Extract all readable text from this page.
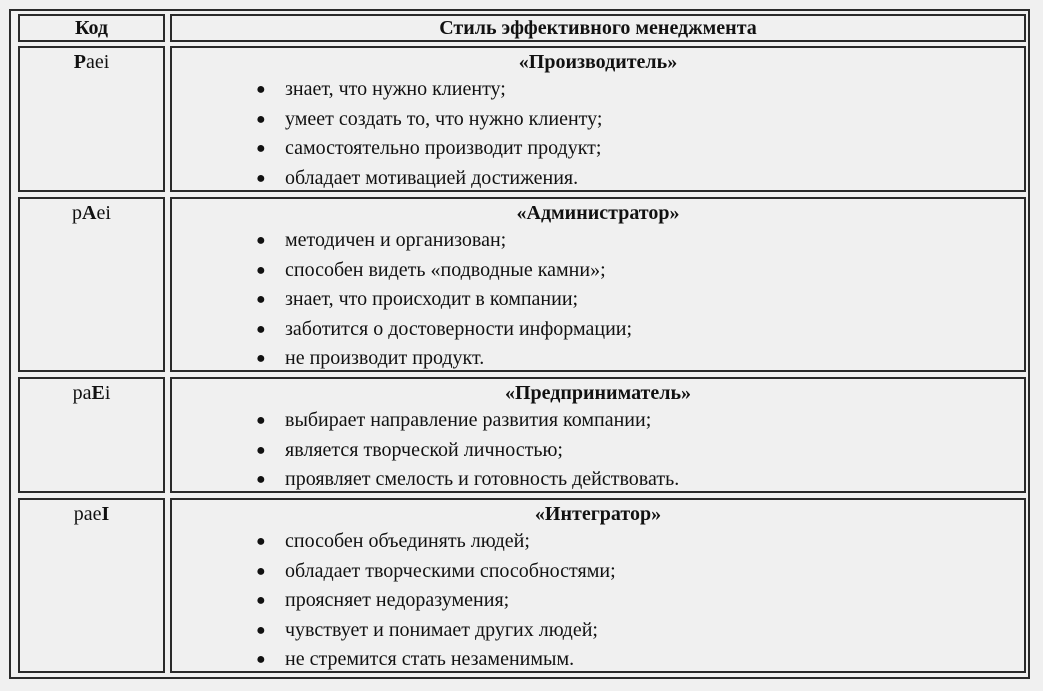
Код	Стиль эффективного менеджмента
Paei	«Производитель»
● знает, что нужно клиенту;
● умеет создать то, что нужно клиенту;
● самостоятельно производит продукт;
● обладает мотивацией достижения.
pAei	«Администратор»
● методичен и организован;
● способен видеть «подводные камни»;
● знает, что происходит в компании;
● заботится о достоверности информации;
● не производит продукт.
paEi	«Предприниматель»
● выбирает направление развития компании;
● является творческой личностью;
● проявляет смелость и готовность действовать.
paeI	«Интегратор»
● способен объединять людей;
● обладает творческими способностями;
● проясняет недоразумения;
● чувствует и понимает других людей;
● не стремится стать незаменимым.
